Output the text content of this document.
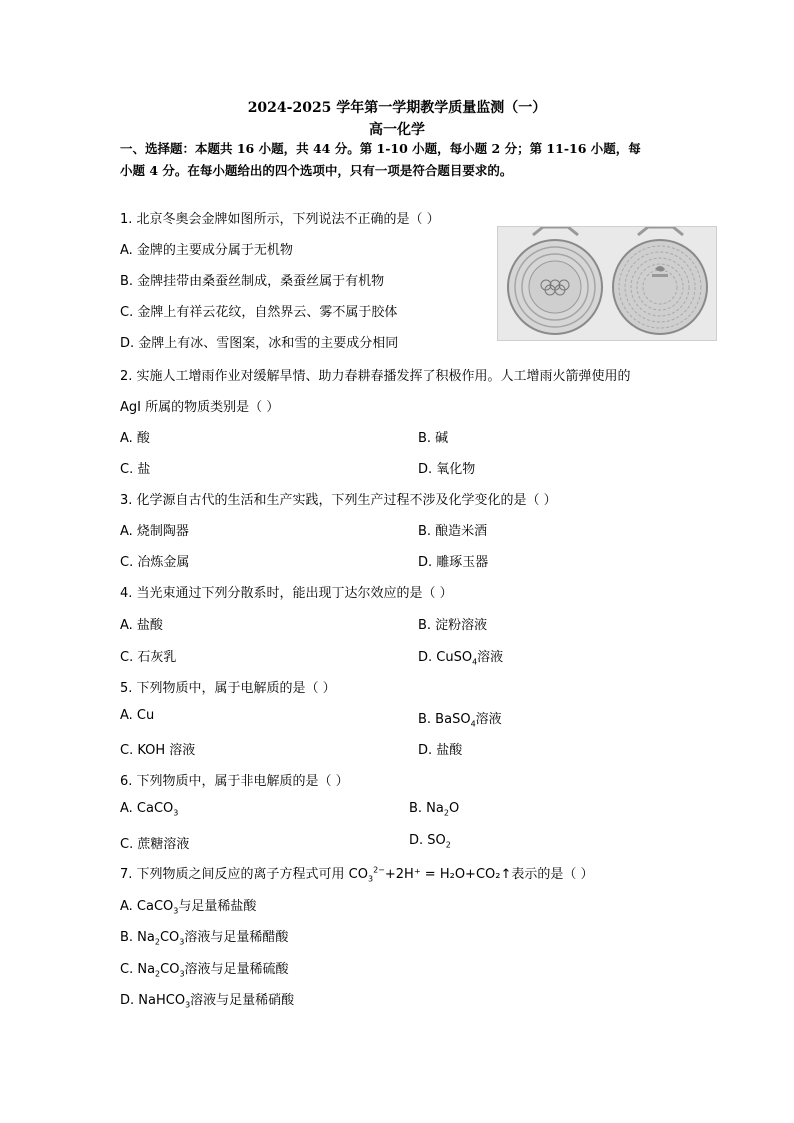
2024-2025 学年第一学期教学质量监测（一）
高一化学
一、选择题：本题共 16 小题，共 44 分。第 1-10 小题，每小题 2 分；第 11-16 小题，每
小题 4 分。在每小题给出的四个选项中，只有一项是符合题目要求的。
1. 北京冬奥会金牌如图所示，下列说法不正确的是（ ）
A. 金牌的主要成分属于无机物
B. 金牌挂带由桑蚕丝制成，桑蚕丝属于有机物
C. 金牌上有祥云花纹，自然界云、雾不属于胶体
D. 金牌上有冰、雪图案，冰和雪的主要成分相同
2. 实施人工增雨作业对缓解旱情、助力春耕春播发挥了积极作用。人工增雨火箭弹使用的
AgI 所属的物质类别是（ ）
A. 酸	B. 碱
C. 盐	D. 氧化物
3. 化学源自古代的生活和生产实践，下列生产过程不涉及化学变化的是（ ）
A. 烧制陶器	B. 酿造米酒
C. 冶炼金属	D. 雕琢玉器
4. 当光束通过下列分散系时，能出现丁达尔效应的是（ ）
A. 盐酸	B. 淀粉溶液
C. 石灰乳	D. CuSO$_4$溶液
5. 下列物质中，属于电解质的是（ ）
A. Cu	B. BaSO$_4$溶液
C. KOH 溶液	D. 盐酸
6. 下列物质中，属于非电解质的是（ ）
A. CaCO$_3$	B. $Na_2O$
C. 蔗糖溶液	D. $SO_2$
7. 下列物质之间反应的离子方程式可用 $CO_3^{2-}+2H^+$ = H₂O+CO₂↑表示的是（ ）
A. CaCO$_3$与足量稀盐酸
B. $Na_2CO_3$溶液与足量稀醋酸
C. $Na_2CO_3$溶液与足量稀硫酸
D. NaHCO$_3$溶液与足量稀硝酸
